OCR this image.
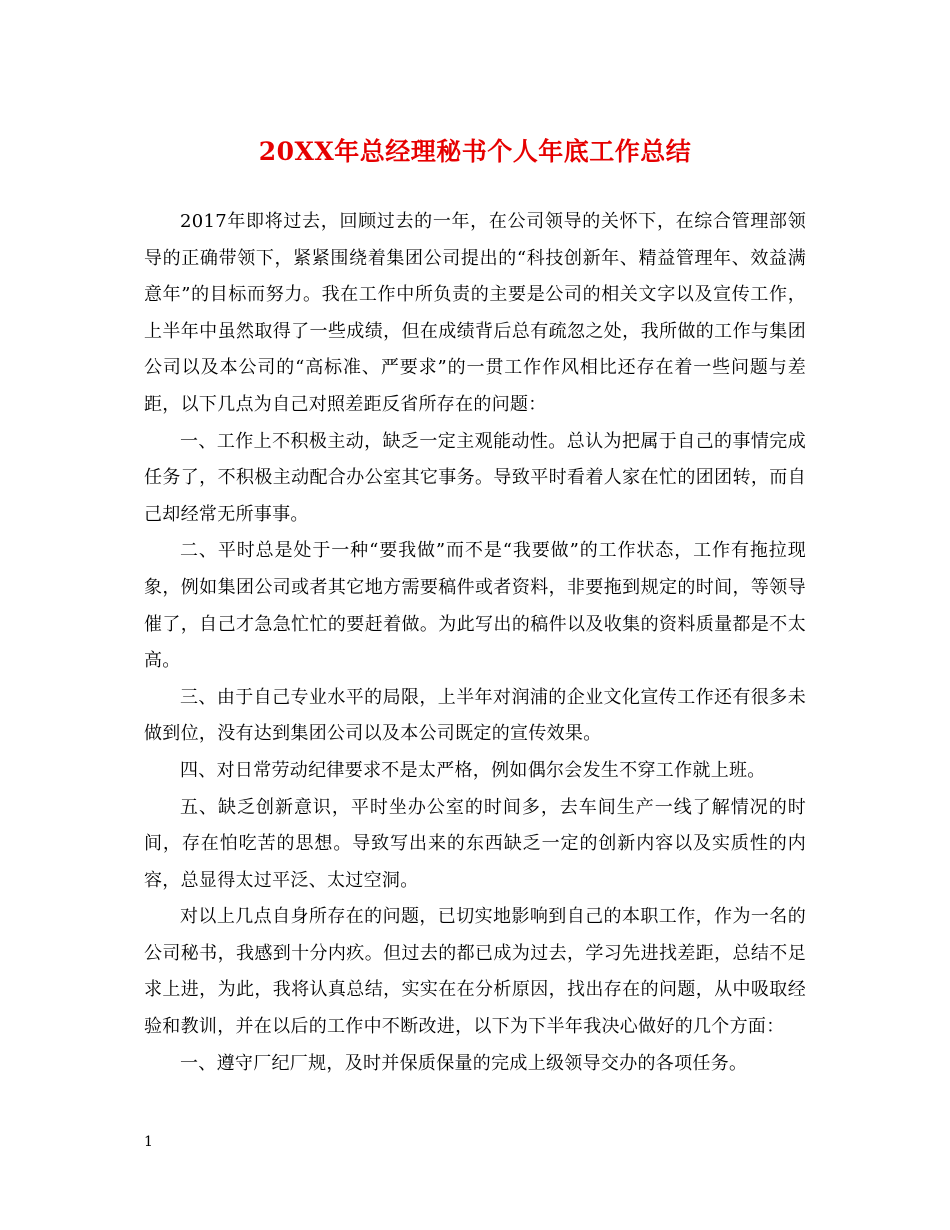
20XX年总经理秘书个人年底工作总结

2017年即将过去，回顾过去的一年，在公司领导的关怀下，在综合管理部领导的正确带领下，紧紧围绕着集团公司提出的“科技创新年、精益管理年、效益满意年”的目标而努力。我在工作中所负责的主要是公司的相关文字以及宣传工作，上半年中虽然取得了一些成绩，但在成绩背后总有疏忽之处，我所做的工作与集团公司以及本公司的“高标准、严要求”的一贯工作作风相比还存在着一些问题与差距，以下几点为自己对照差距反省所存在的问题：

一、工作上不积极主动，缺乏一定主观能动性。总认为把属于自己的事情完成任务了，不积极主动配合办公室其它事务。导致平时看着人家在忙的团团转，而自己却经常无所事事。

二、平时总是处于一种“要我做”而不是“我要做”的工作状态，工作有拖拉现象，例如集团公司或者其它地方需要稿件或者资料，非要拖到规定的时间，等领导催了，自己才急急忙忙的要赶着做。为此写出的稿件以及收集的资料质量都是不太高。

三、由于自己专业水平的局限，上半年对润浦的企业文化宣传工作还有很多未做到位，没有达到集团公司以及本公司既定的宣传效果。

四、对日常劳动纪律要求不是太严格，例如偶尔会发生不穿工作就上班。

五、缺乏创新意识，平时坐办公室的时间多，去车间生产一线了解情况的时间，存在怕吃苦的思想。导致写出来的东西缺乏一定的创新内容以及实质性的内容，总显得太过平泛、太过空洞。

对以上几点自身所存在的问题，已切实地影响到自己的本职工作，作为一名的公司秘书，我感到十分内疚。但过去的都已成为过去，学习先进找差距，总结不足求上进，为此，我将认真总结，实实在在分析原因，找出存在的问题，从中吸取经验和教训，并在以后的工作中不断改进，以下为下半年我决心做好的几个方面：

一、遵守厂纪厂规，及时并保质保量的完成上级领导交办的各项任务。

1
